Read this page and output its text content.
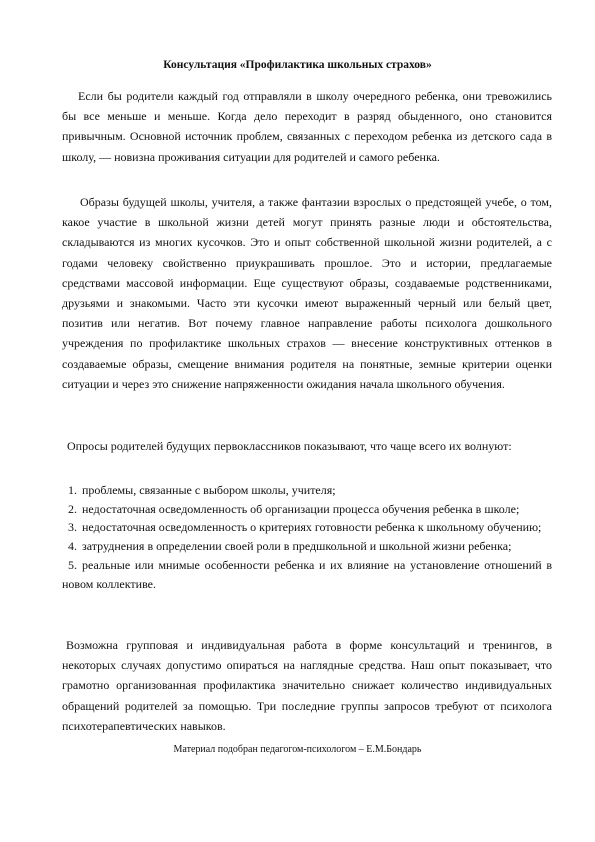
Консультация «Профилактика школьных страхов»

Если бы родители каждый год отправляли в школу очередного ребенка, они тревожились бы все меньше и меньше. Когда дело переходит в разряд обыденного, оно становится привычным. Основной источник проблем, связанных с переходом ребенка из детского сада в школу, — новизна проживания ситуации для родителей и самого ребенка.

Образы будущей школы, учителя, а также фантазии взрослых о предстоящей учебе, о том, какое участие в школьной жизни детей могут принять разные люди и обстоятельства, складываются из многих кусочков. Это и опыт собственной школьной жизни родителей, а с годами человеку свойственно приукрашивать прошлое. Это и истории, предлагаемые средствами массовой информации. Еще существуют образы, создаваемые родственниками, друзьями и знакомыми. Часто эти кусочки имеют выраженный черный или белый цвет, позитив или негатив. Вот почему главное направление работы психолога дошкольного учреждения по профилактике школьных страхов — внесение конструктивных оттенков в создаваемые образы, смещение внимания родителя на понятные, земные критерии оценки ситуации и через это снижение напряженности ожидания начала школьного обучения.

Опросы родителей будущих первоклассников показывают, что чаще всего их волнуют:

1. проблемы, связанные с выбором школы, учителя;
2. недостаточная осведомленность об организации процесса обучения ребенка в школе;
3. недостаточная осведомленность о критериях готовности ребенка к школьному обучению;
4. затруднения в определении своей роли в предшкольной и школьной жизни ребенка;
5. реальные или мнимые особенности ребенка и их влияние на установление отношений в новом коллективе.

Возможна групповая и индивидуальная работа в форме консультаций и тренингов, в некоторых случаях допустимо опираться на наглядные средства. Наш опыт показывает, что грамотно организованная профилактика значительно снижает количество индивидуальных обращений родителей за помощью. Три последние группы запросов требуют от психолога психотерапевтических навыков.

Материал подобран педагогом-психологом – Е.М.Бондарь
